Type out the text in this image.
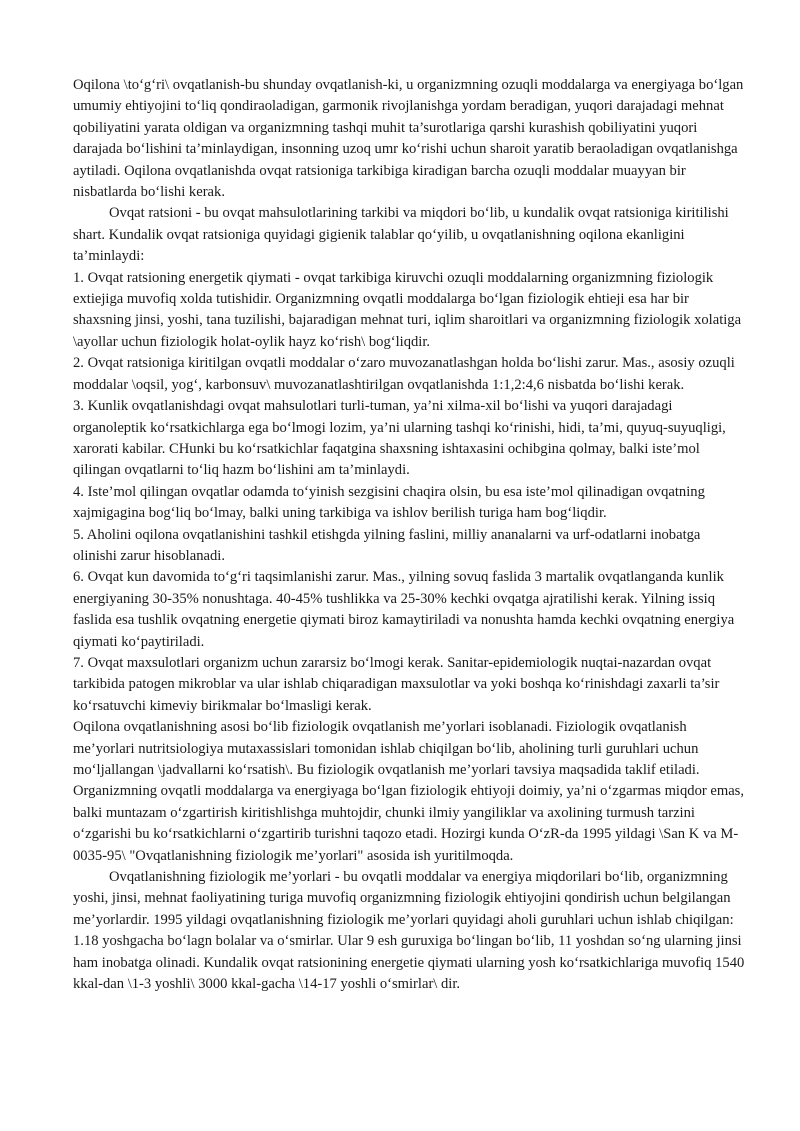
Oqilona \to‘g‘ri\ ovqatlanish-bu shunday ovqatlanish-ki, u organizmning ozuqli moddalarga va energiyaga bo‘lgan umumiy ehtiyojini to‘liq qondiraoladigan, garmonik rivojlanishga yordam beradigan, yuqori darajadagi mehnat qobiliyatini yarata oldigan va organizmning tashqi muhit ta’surotlariga qarshi kurashish qobiliyatini yuqori darajada bo‘lishini ta’minlaydigan, insonning uzoq umr ko‘rishi uchun sharoit yaratib beraoladigan ovqatlanishga aytiladi. Oqilona ovqatlanishda ovqat ratsioniga tarkibiga kiradigan barcha ozuqli moddalar muayyan bir nisbatlarda bo‘lishi kerak.

Ovqat ratsioni - bu ovqat mahsulotlarining tarkibi va miqdori bo‘lib, u kundalik ovqat ratsioniga kiritilishi shart. Kundalik ovqat ratsioniga quyidagi gigienik talablar qo‘yilib, u ovqatlanishning oqilona ekanligini ta’minlaydi:

1. Ovqat ratsioning energetik qiymati - ovqat tarkibiga kiruvchi ozuqli moddalarning organizmning fiziologik extiejiga muvofiq xolda tutishidir. Organizmning ovqatli moddalarga bo‘lgan fiziologik ehtieji esa har bir shaxsning jinsi, yoshi, tana tuzilishi, bajaradigan mehnat turi, iqlim sharoitlari va organizmning fiziologik xolatiga \ayollar uchun fiziologik holat-oylik hayz ko‘rish\ bog‘liqdir.

2. Ovqat ratsioniga kiritilgan ovqatli moddalar o‘zaro muvozanatlashgan holda bo‘lishi zarur. Mas., asosiy ozuqli moddalar \oqsil, yog‘, karbonsuv\ muvozanatlashtirilgan ovqatlanishda 1:1,2:4,6 nisbatda bo‘lishi kerak.

3. Kunlik ovqatlanishdagi ovqat mahsulotlari turli-tuman, ya’ni xilma-xil bo‘lishi va yuqori darajadagi organoleptik ko‘rsatkichlarga ega bo‘lmogi lozim, ya’ni ularning tashqi ko‘rinishi, hidi, ta’mi, quyuq-suyuqligi, xarorati kabilar. CHunki bu ko‘rsatkichlar faqatgina shaxsning ishtaxasini ochibgina qolmay, balki iste’mol qilingan ovqatlarni to‘liq hazm bo‘lishini am ta’minlaydi.

4. Iste’mol qilingan ovqatlar odamda to‘yinish sezgisini chaqira olsin, bu esa iste’mol qilinadigan ovqatning xajmigagina bog‘liq bo‘lmay, balki uning tarkibiga va ishlov berilish turiga ham bog‘liqdir.

5. Aholini oqilona ovqatlanishini tashkil etishgda yilning faslini, milliy ananalarni va urf-odatlarni inobatga olinishi zarur hisoblanadi.

6. Ovqat kun davomida to‘g‘ri taqsimlanishi zarur. Mas., yilning sovuq faslida 3 martalik ovqatlanganda kunlik energiyaning 30-35% nonushtaga. 40-45% tushlikka va 25-30% kechki ovqatga ajratilishi kerak. Yilning issiq faslida esa tushlik ovqatning energetie qiymati biroz kamaytiriladi va nonushta hamda kechki ovqatning energiya qiymati ko‘paytiriladi.

7. Ovqat maxsulotlari organizm uchun zararsiz bo‘lmogi kerak. Sanitar-epidemiologik nuqtai-nazardan ovqat tarkibida patogen mikroblar va ular ishlab chiqaradigan maxsulotlar va yoki boshqa ko‘rinishdagi zaxarli ta’sir ko‘rsatuvchi kimeviy birikmalar bo‘lmasligi kerak.

Oqilona ovqatlanishning asosi bo‘lib fiziologik ovqatlanish me’yorlari isoblanadi. Fiziologik ovqatlanish me’yorlari nutritsiologiya mutaxassislari tomonidan ishlab chiqilgan bo‘lib, aholining turli guruhlari uchun mo‘ljallangan \jadvallarni ko‘rsatish\. Bu fiziologik ovqatlanish me’yorlari tavsiya maqsadida taklif etiladi. Organizmning ovqatli moddalarga va energiyaga bo‘lgan fiziologik ehtiyoji doimiy, ya’ni o‘zgarmas miqdor emas, balki muntazam o‘zgartirish kiritishlishga muhtojdir, chunki ilmiy yangiliklar va axolining turmush tarzini o‘zgarishi bu ko‘rsatkichlarni o‘zgartirib turishni taqozo etadi. Hozirgi kunda O‘zR-da 1995 yildagi \San K va M-0035-95\ "Ovqatlanishning fiziologik me’yorlari" asosida ish yuritilmoqda.

Ovqatlanishning fiziologik me’yorlari - bu ovqatli moddalar va energiya miqdorilari bo‘lib, organizmning yoshi, jinsi, mehnat faoliyatining turiga muvofiq organizmning fiziologik ehtiyojini qondirish uchun belgilangan me’yorlardir. 1995 yildagi ovqatlanishning fiziologik me’yorlari quyidagi aholi guruhlari uchun ishlab chiqilgan:

1.18 yoshgacha bo‘lagn bolalar va o‘smirlar. Ular 9 esh guruxiga bo‘lingan bo‘lib, 11 yoshdan so‘ng ularning jinsi ham inobatga olinadi. Kundalik ovqat ratsionining energetie qiymati ularning yosh ko‘rsatkichlariga muvofiq 1540 kkal-dan \1-3 yoshli\ 3000 kkal-gacha \14-17 yoshli o‘smirlar\ dir.
